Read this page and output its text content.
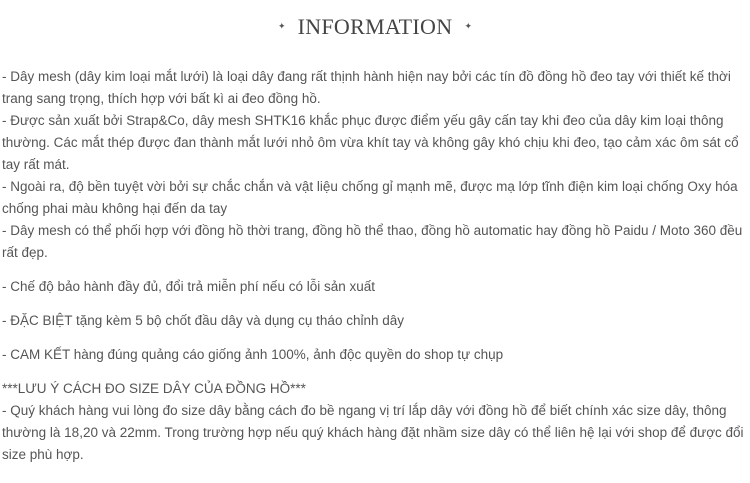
✦ INFORMATION ✦

- Dây mesh (dây kim loại mắt lưới) là loại dây đang rất thịnh hành hiện nay bởi các tín đồ đồng hồ đeo tay với thiết kế thời trang sang trọng, thích hợp với bất kì ai đeo đồng hồ.

- Được sản xuất bởi Strap&Co, dây mesh SHTK16 khắc phục được điểm yếu gây cấn tay khi đeo của dây kim loại thông thường. Các mắt thép được đan thành mắt lưới nhỏ ôm vừa khít tay và không gây khó chịu khi đeo, tạo cảm xác ôm sát cổ tay rất mát.

- Ngoài ra, độ bền tuyệt vời bởi sự chắc chắn và vật liệu chống gỉ mạnh mẽ, được mạ lớp tĩnh điện kim loại chống Oxy hóa chống phai màu không hại đến da tay

- Dây mesh có thể phối hợp với đồng hồ thời trang, đồng hồ thể thao, đồng hồ automatic hay đồng hồ Paidu / Moto 360 đều rất đẹp.

- Chế độ bảo hành đầy đủ, đổi trả miễn phí nếu có lỗi sản xuất

- ĐẶC BIỆT tặng kèm 5 bộ chốt đầu dây và dụng cụ tháo chỉnh dây

- CAM KẾT hàng đúng quảng cáo giống ảnh 100%, ảnh độc quyền do shop tự chụp

***LƯU Ý CÁCH ĐO SIZE DÂY CỦA ĐỒNG HỒ***

- Quý khách hàng vui lòng đo size dây bằng cách đo bề ngang vị trí lắp dây với đồng hồ để biết chính xác size dây, thông thường là 18,20 và 22mm. Trong trường hợp nếu quý khách hàng đặt nhầm size dây có thể liên hệ lại với shop để được đổi size phù hợp.
